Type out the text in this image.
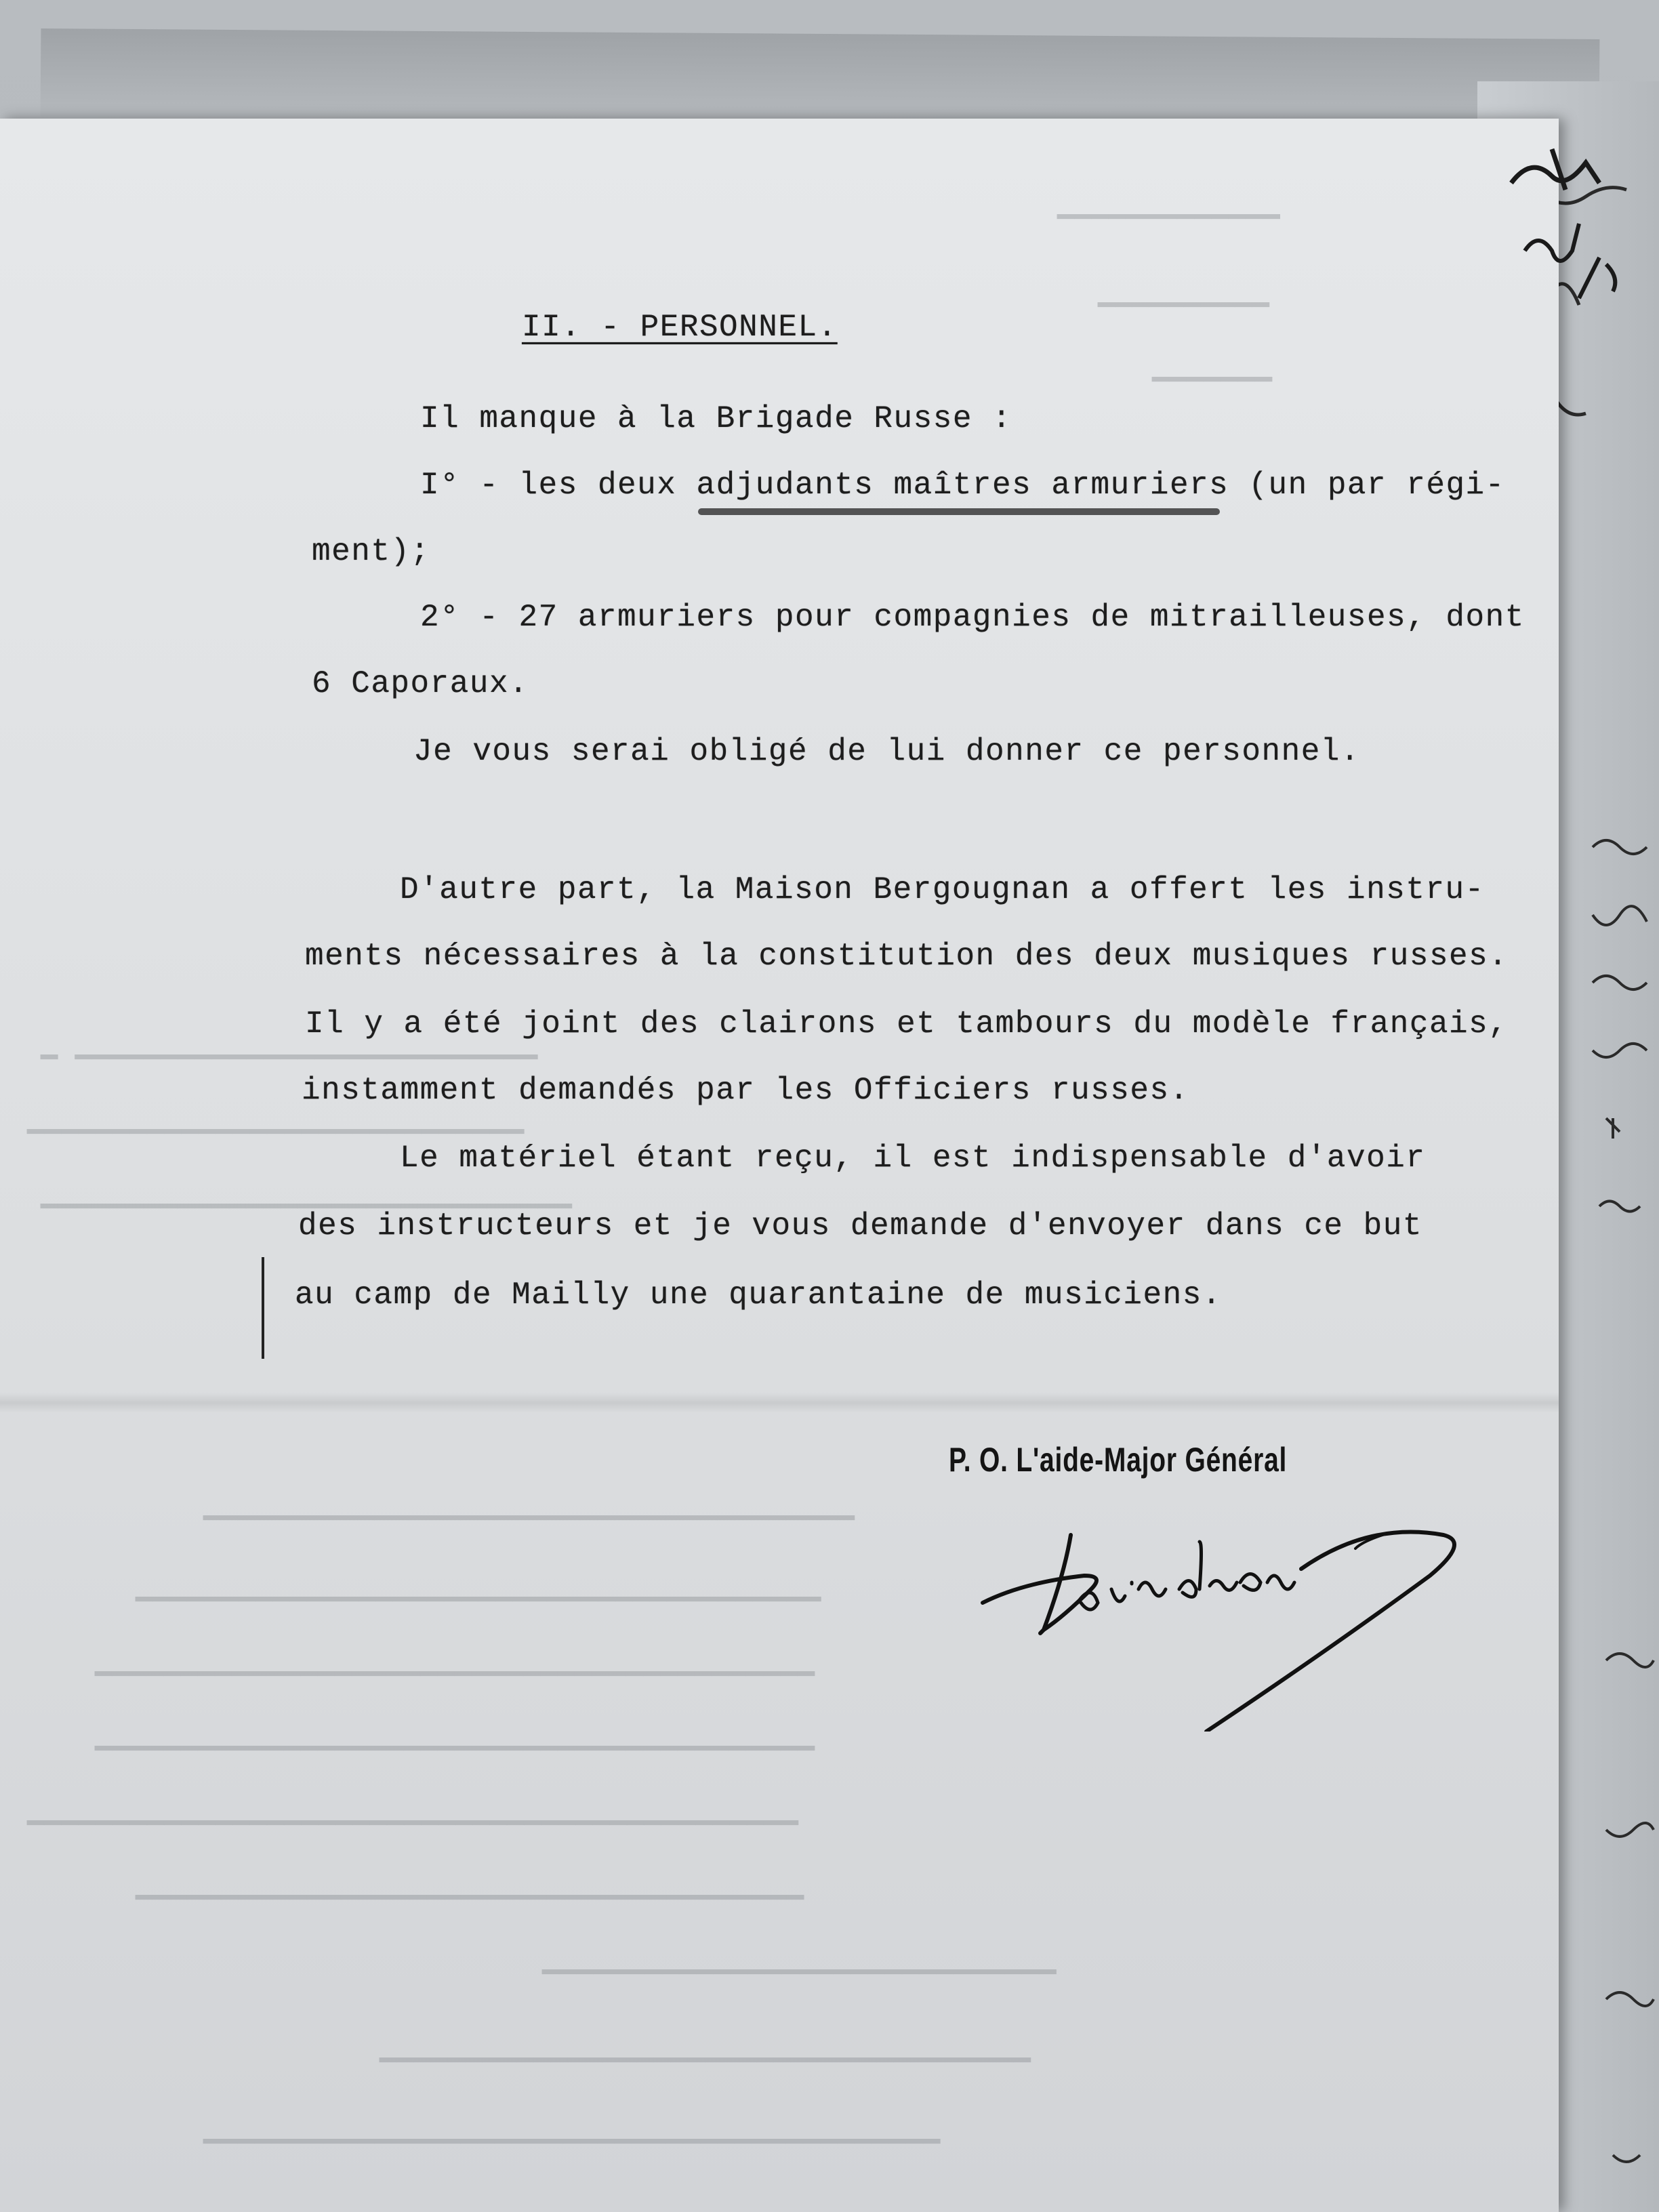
━━━━━━━━━━━━━
━━━━━━━━━━
━━━━━━━
━ ━━━━━━━━━━━━━━━━━━━━━━━━━━━
━━━━━━━━━━━━━━━━━━━━━━━━━━━━━
━━━━━━━━━━━━━━━━━━━━━━━━━━━━━━━
━━━━━━━━━━━━━━━━━━━━━━━━━━━━━━━━━━━━━━
━━━━━━━━━━━━━━━━━━━━━━━━━━━━━━━━━━━━━━━━
━━━━━━━━━━━━━━━━━━━━━━━━━━━━━━━━━━━━━━━━━━
━━━━━━━━━━━━━━━━━━━━━━━━━━━━━━━━━━━━━━━━━━
━━━━━━━━━━━━━━━━━━━━━━━━━━━━━━━━━━━━━━━━━━━━━
━━━━━━━━━━━━━━━━━━━━━━━━━━━━━━━━━━━━━━━
━━━━━━━━━━━━━━━━━━━━━━━━━━━━━━
━━━━━━━━━━━━━━━━━━━━━━━━━━━━━━━━━━━━━━
━━━━━━━━━━━━━━━━━━━━━━━━━━━━━━━━━━━━━━━━━━━
II. - PERSONNEL.
Il manque à la Brigade Russe :
I° - les deux adjudants maîtres armuriers (un par régi-
ment);
2° - 27 armuriers pour compagnies de mitrailleuses, dont
6 Caporaux.
Je vous serai obligé de lui donner ce personnel.
D'autre part, la Maison Bergougnan a offert les instru-
ments nécessaires à la constitution des deux musiques russes.
Il y a été joint des clairons et tambours du modèle français,
instamment demandés par les Officiers russes.
Le matériel étant reçu, il est indispensable d'avoir
des instructeurs et je vous demande d'envoyer dans ce but
au camp de Mailly une quarantaine de musiciens.
P. O. L'aide-Major Général
